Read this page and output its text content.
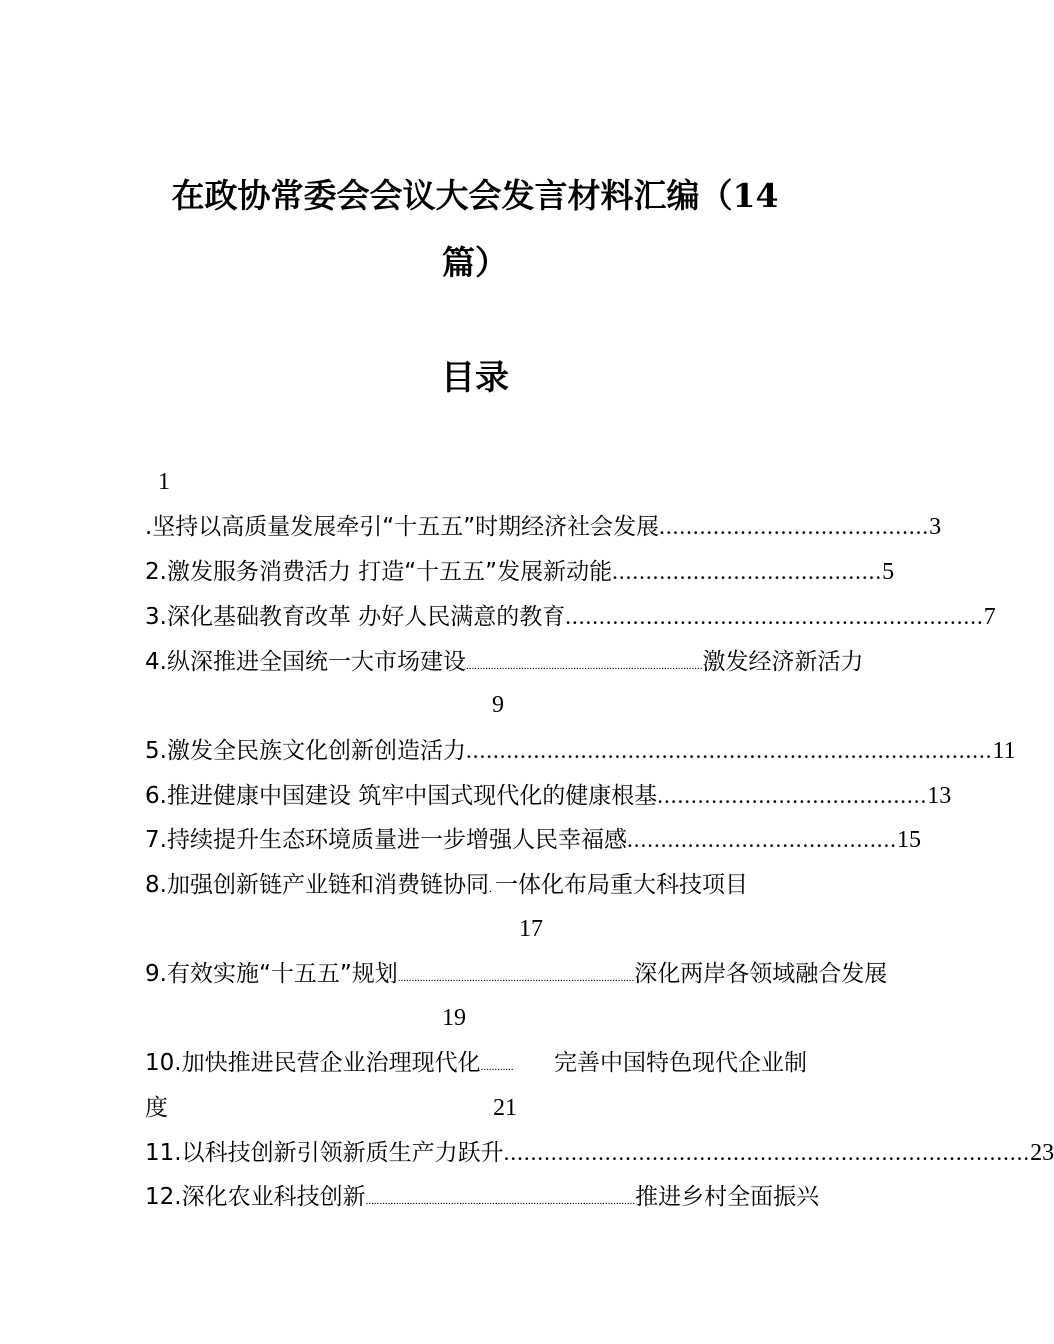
在政协常委会会议大会发言材料汇编（14
篇）
目录
1
.坚持以高质量发展牵引“十五五”时期经济社会发展 ........................................ 3
2.激发服务消费活力 打造“十五五”发展新动能 ........................................ 5
3.深化基础教育改革 办好人民满意的教育 .............................................................. 7
4.纵深推进全国统一大市场建设 ...................................................................................... 激发经济新活力
9
5.激发全民族文化创新创造活力 .............................................................................. 11
6.推进健康中国建设 筑牢中国式现代化的健康根基 ........................................ 13
7.持续提升生态环境质量进一步增强人民幸福感 ........................................ 15
8.加强创新链产业链和消费链协同 . 一体化布局重大科技项目
17
9.有效实施“十五五”规划 ...................................................................................... 深化两岸各领域融合发展
19
10.加快推进民营企业治理现代化 ............	完善中国特色现代企业制
度	21
11.以科技创新引领新质生产力跃升 .............................................................................. 23
12.深化农业科技创新 .................................................................................................. 推进乡村全面振兴
